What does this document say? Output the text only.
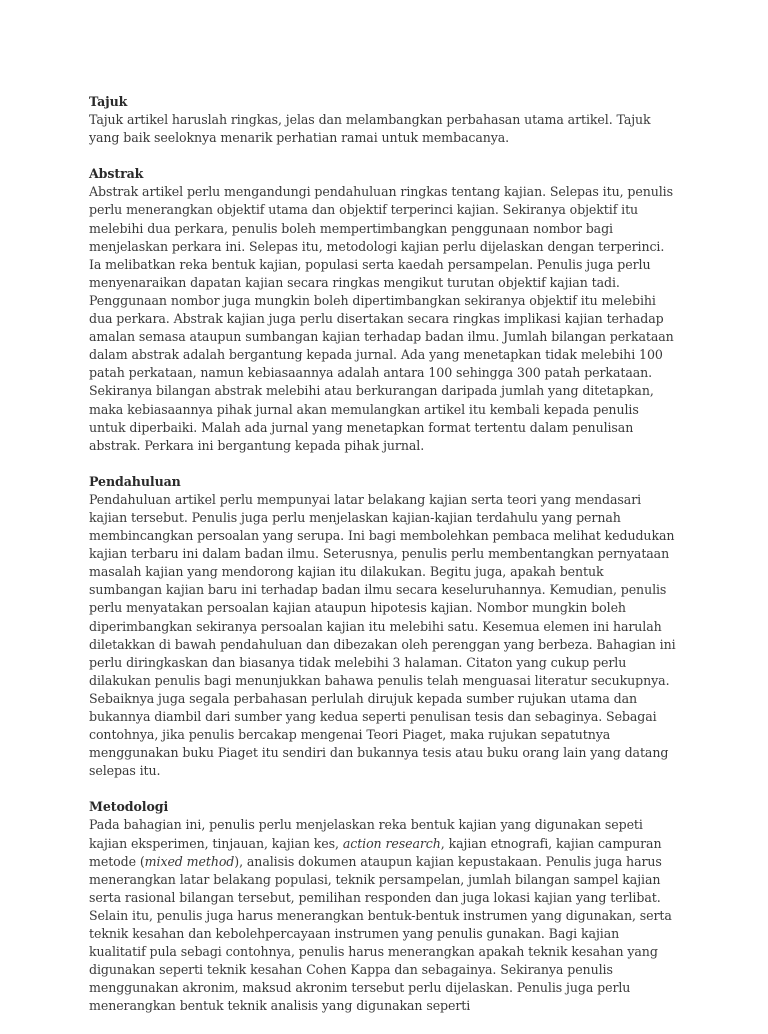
Tajuk

Tajuk artikel haruslah ringkas, jelas dan melambangkan perbahasan utama artikel. Tajuk yang baik seeloknya menarik perhatian ramai untuk membacanya.

Abstrak

Abstrak artikel perlu mengandungi pendahuluan ringkas tentang kajian. Selepas itu, penulis perlu menerangkan objektif utama dan objektif terperinci kajian. Sekiranya objektif itu melebihi dua perkara, penulis boleh mempertimbangkan penggunaan nombor bagi menjelaskan perkara ini. Selepas itu, metodologi kajian perlu dijelaskan dengan terperinci. Ia melibatkan reka bentuk kajian, populasi serta kaedah persampelan. Penulis juga perlu menyenaraikan dapatan kajian secara ringkas mengikut turutan objektif kajian tadi. Penggunaan nombor juga mungkin boleh dipertimbangkan sekiranya objektif itu melebihi dua perkara. Abstrak kajian juga perlu disertakan secara ringkas implikasi kajian terhadap amalan semasa ataupun sumbangan kajian terhadap badan ilmu. Jumlah bilangan perkataan dalam abstrak adalah bergantung kepada jurnal. Ada yang menetapkan tidak melebihi 100 patah perkataan, namun kebiasaannya adalah antara 100 sehingga 300 patah perkataan. Sekiranya bilangan abstrak melebihi atau berkurangan daripada jumlah yang ditetapkan, maka kebiasaannya pihak jurnal akan memulangkan artikel itu kembali kepada penulis untuk diperbaiki. Malah ada jurnal yang menetapkan format tertentu dalam penulisan abstrak. Perkara ini bergantung kepada pihak jurnal.

Pendahuluan

Pendahuluan artikel perlu mempunyai latar belakang kajian serta teori yang mendasari kajian tersebut. Penulis juga perlu menjelaskan kajian-kajian terdahulu yang pernah membincangkan persoalan yang serupa. Ini bagi membolehkan pembaca melihat kedudukan kajian terbaru ini dalam badan ilmu. Seterusnya, penulis perlu membentangkan pernyataan masalah kajian yang mendorong kajian itu dilakukan. Begitu juga, apakah bentuk sumbangan kajian baru ini terhadap badan ilmu secara keseluruhannya. Kemudian, penulis perlu menyatakan persoalan kajian ataupun hipotesis kajian. Nombor mungkin boleh diperimbangkan sekiranya persoalan kajian itu melebihi satu. Kesemua elemen ini harulah diletakkan di bawah pendahuluan dan dibezakan oleh perenggan yang berbeza. Bahagian ini perlu diringkaskan dan biasanya tidak melebihi 3 halaman. Citaton yang cukup perlu dilakukan penulis bagi menunjukkan bahawa penulis telah menguasai literatur secukupnya. Sebaiknya juga segala perbahasan perlulah dirujuk kepada sumber rujukan utama dan bukannya diambil dari sumber yang kedua seperti penulisan tesis dan sebaginya. Sebagai contohnya, jika penulis bercakap mengenai Teori Piaget, maka rujukan sepatutnya menggunakan buku Piaget itu sendiri dan bukannya tesis atau buku orang lain yang datang selepas itu.

Metodologi

Pada bahagian ini, penulis perlu menjelaskan reka bentuk kajian yang digunakan sepeti kajian eksperimen, tinjauan, kajian kes, action research, kajian etnografi, kajian campuran metode (mixed method), analisis dokumen ataupun kajian kepustakaan. Penulis juga harus menerangkan latar belakang populasi, teknik persampelan, jumlah bilangan sampel kajian serta rasional bilangan tersebut, pemilihan responden dan juga lokasi kajian yang terlibat. Selain itu, penulis juga harus menerangkan bentuk-bentuk instrumen yang digunakan, serta teknik kesahan dan kebolehpercayaan instrumen yang penulis gunakan. Bagi kajian kualitatif pula sebagi contohnya, penulis harus menerangkan apakah teknik kesahan yang digunakan seperti teknik kesahan Cohen Kappa dan sebagainya. Sekiranya penulis menggunakan akronim, maksud akronim tersebut perlu dijelaskan. Penulis juga perlu menerangkan bentuk teknik analisis yang digunakan seperti
